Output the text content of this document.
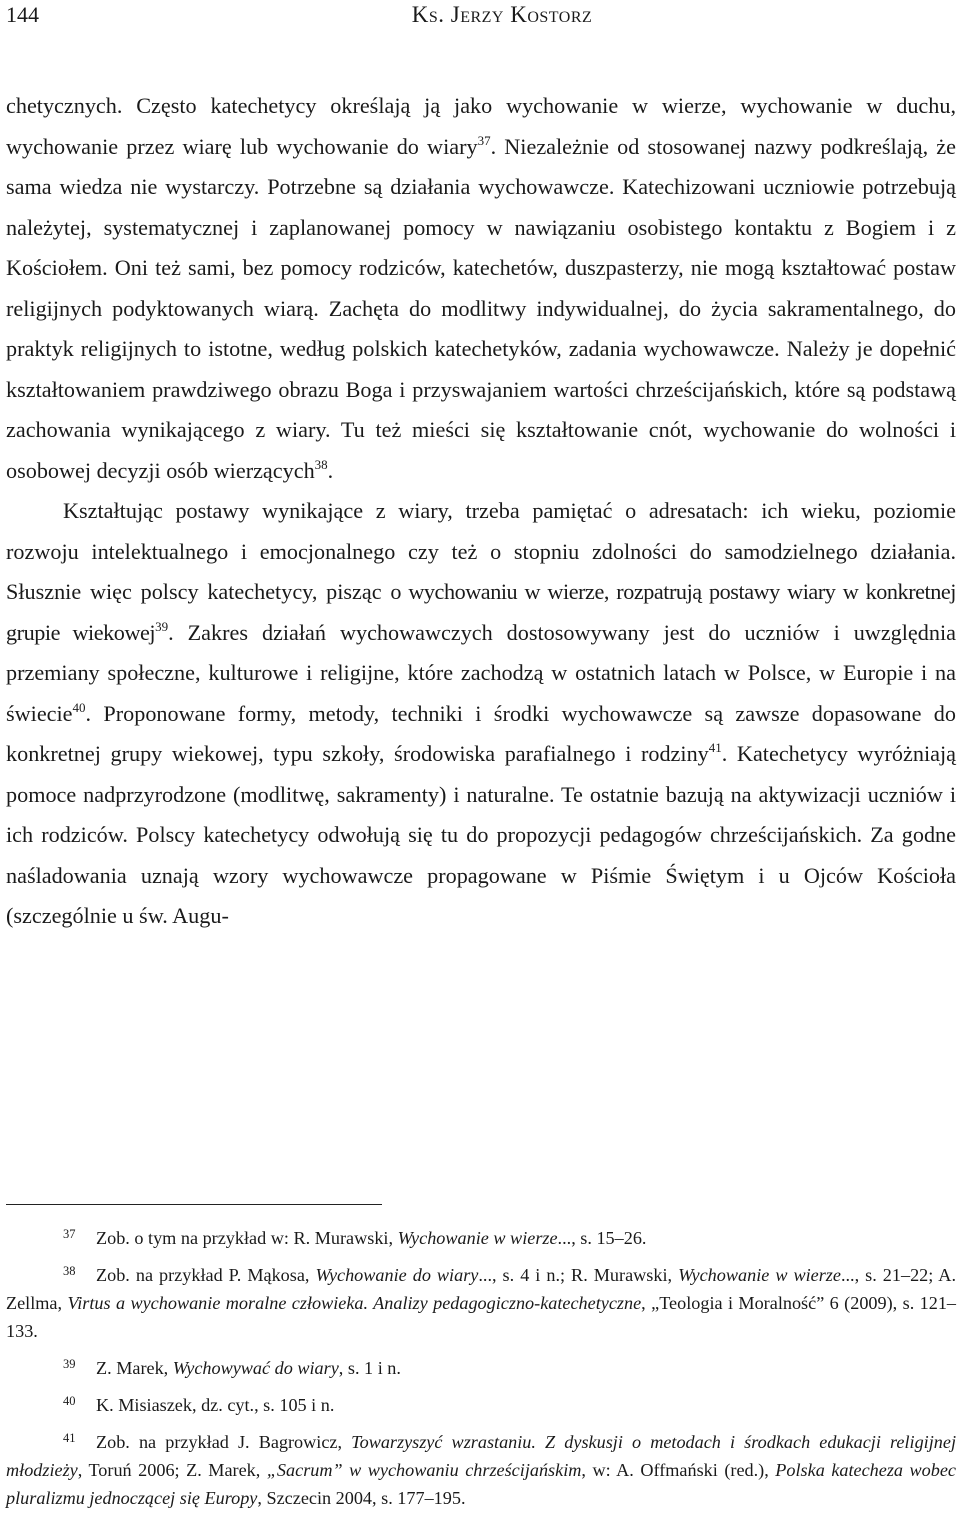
144	Ks. Jerzy Kostorz

chetycznych. Często katechetycy określają ją jako wychowanie w wierze, wychowanie w duchu, wychowanie przez wiarę lub wychowanie do wiary$^{37}$. Niezależnie od stosowanej nazwy podkreślają, że sama wiedza nie wystarczy. Potrzebne są działania wychowawcze. Katechizowani uczniowie potrzebują należytej, systematycznej i zaplanowanej pomocy w nawiązaniu osobistego kontaktu z Bogiem i z Kościołem. Oni też sami, bez pomocy rodziców, katechetów, duszpasterzy, nie mogą kształtować postaw religijnych podyktowanych wiarą. Zachęta do modlitwy indywidualnej, do życia sakramentalnego, do praktyk religijnych to istotne, według polskich katechetyków, zadania wychowawcze. Należy je dopełnić kształtowaniem prawdziwego obrazu Boga i przyswajaniem wartości chrześcijańskich, które są podstawą zachowania wynikającego z wiary. Tu też mieści się kształtowanie cnót, wychowanie do wolności i osobowej decyzji osób wierzących$^{38}$.

Kształtując postawy wynikające z wiary, trzeba pamiętać o adresatach: ich wieku, poziomie rozwoju intelektualnego i emocjonalnego czy też o stopniu zdolności do samodzielnego działania. Słusznie więc polscy katechetycy, pisząc o wychowaniu w wierze, rozpatrują postawy wiary w konkretnej grupie wiekowej$^{39}$. Zakres działań wychowawczych dostosowywany jest do uczniów i uwzględnia przemiany społeczne, kulturowe i religijne, które zachodzą w ostatnich latach w Polsce, w Europie i na świecie$^{40}$. Proponowane formy, metody, techniki i środki wychowawcze są zawsze dopasowane do konkretnej grupy wiekowej, typu szkoły, środowiska parafialnego i rodziny$^{41}$. Katechetycy wyróżniają pomoce nadprzyrodzone (modlitwę, sakramenty) i naturalne. Te ostatnie bazują na aktywizacji uczniów i ich rodziców. Polscy katechetycy odwołują się tu do propozycji pedagogów chrześcijańskich. Za godne naśladowania uznają wzory wychowawcze propagowane w Piśmie Świętym i u Ojców Kościoła (szczególnie u św. Augu-

37 Zob. o tym na przykład w: R. Murawski, Wychowanie w wierze..., s. 15–26.

38 Zob. na przykład P. Mąkosa, Wychowanie do wiary..., s. 4 i n.; R. Murawski, Wychowanie w wierze..., s. 21–22; A. Zellma, Virtus a wychowanie moralne człowieka. Analizy pedagogiczno-katechetyczne, „Teologia i Moralność” 6 (2009), s. 121–133.

39 Z. Marek, Wychowywać do wiary, s. 1 i n.

40 K. Misiaszek, dz. cyt., s. 105 i n.

41 Zob. na przykład J. Bagrowicz, Towarzyszyć wzrastaniu. Z dyskusji o metodach i środkach edukacji religijnej młodzieży, Toruń 2006; Z. Marek, „Sacrum” w wychowaniu chrześcijańskim, w: A. Offmański (red.), Polska katecheza wobec pluralizmu jednoczącej się Europy, Szczecin 2004, s. 177–195.
